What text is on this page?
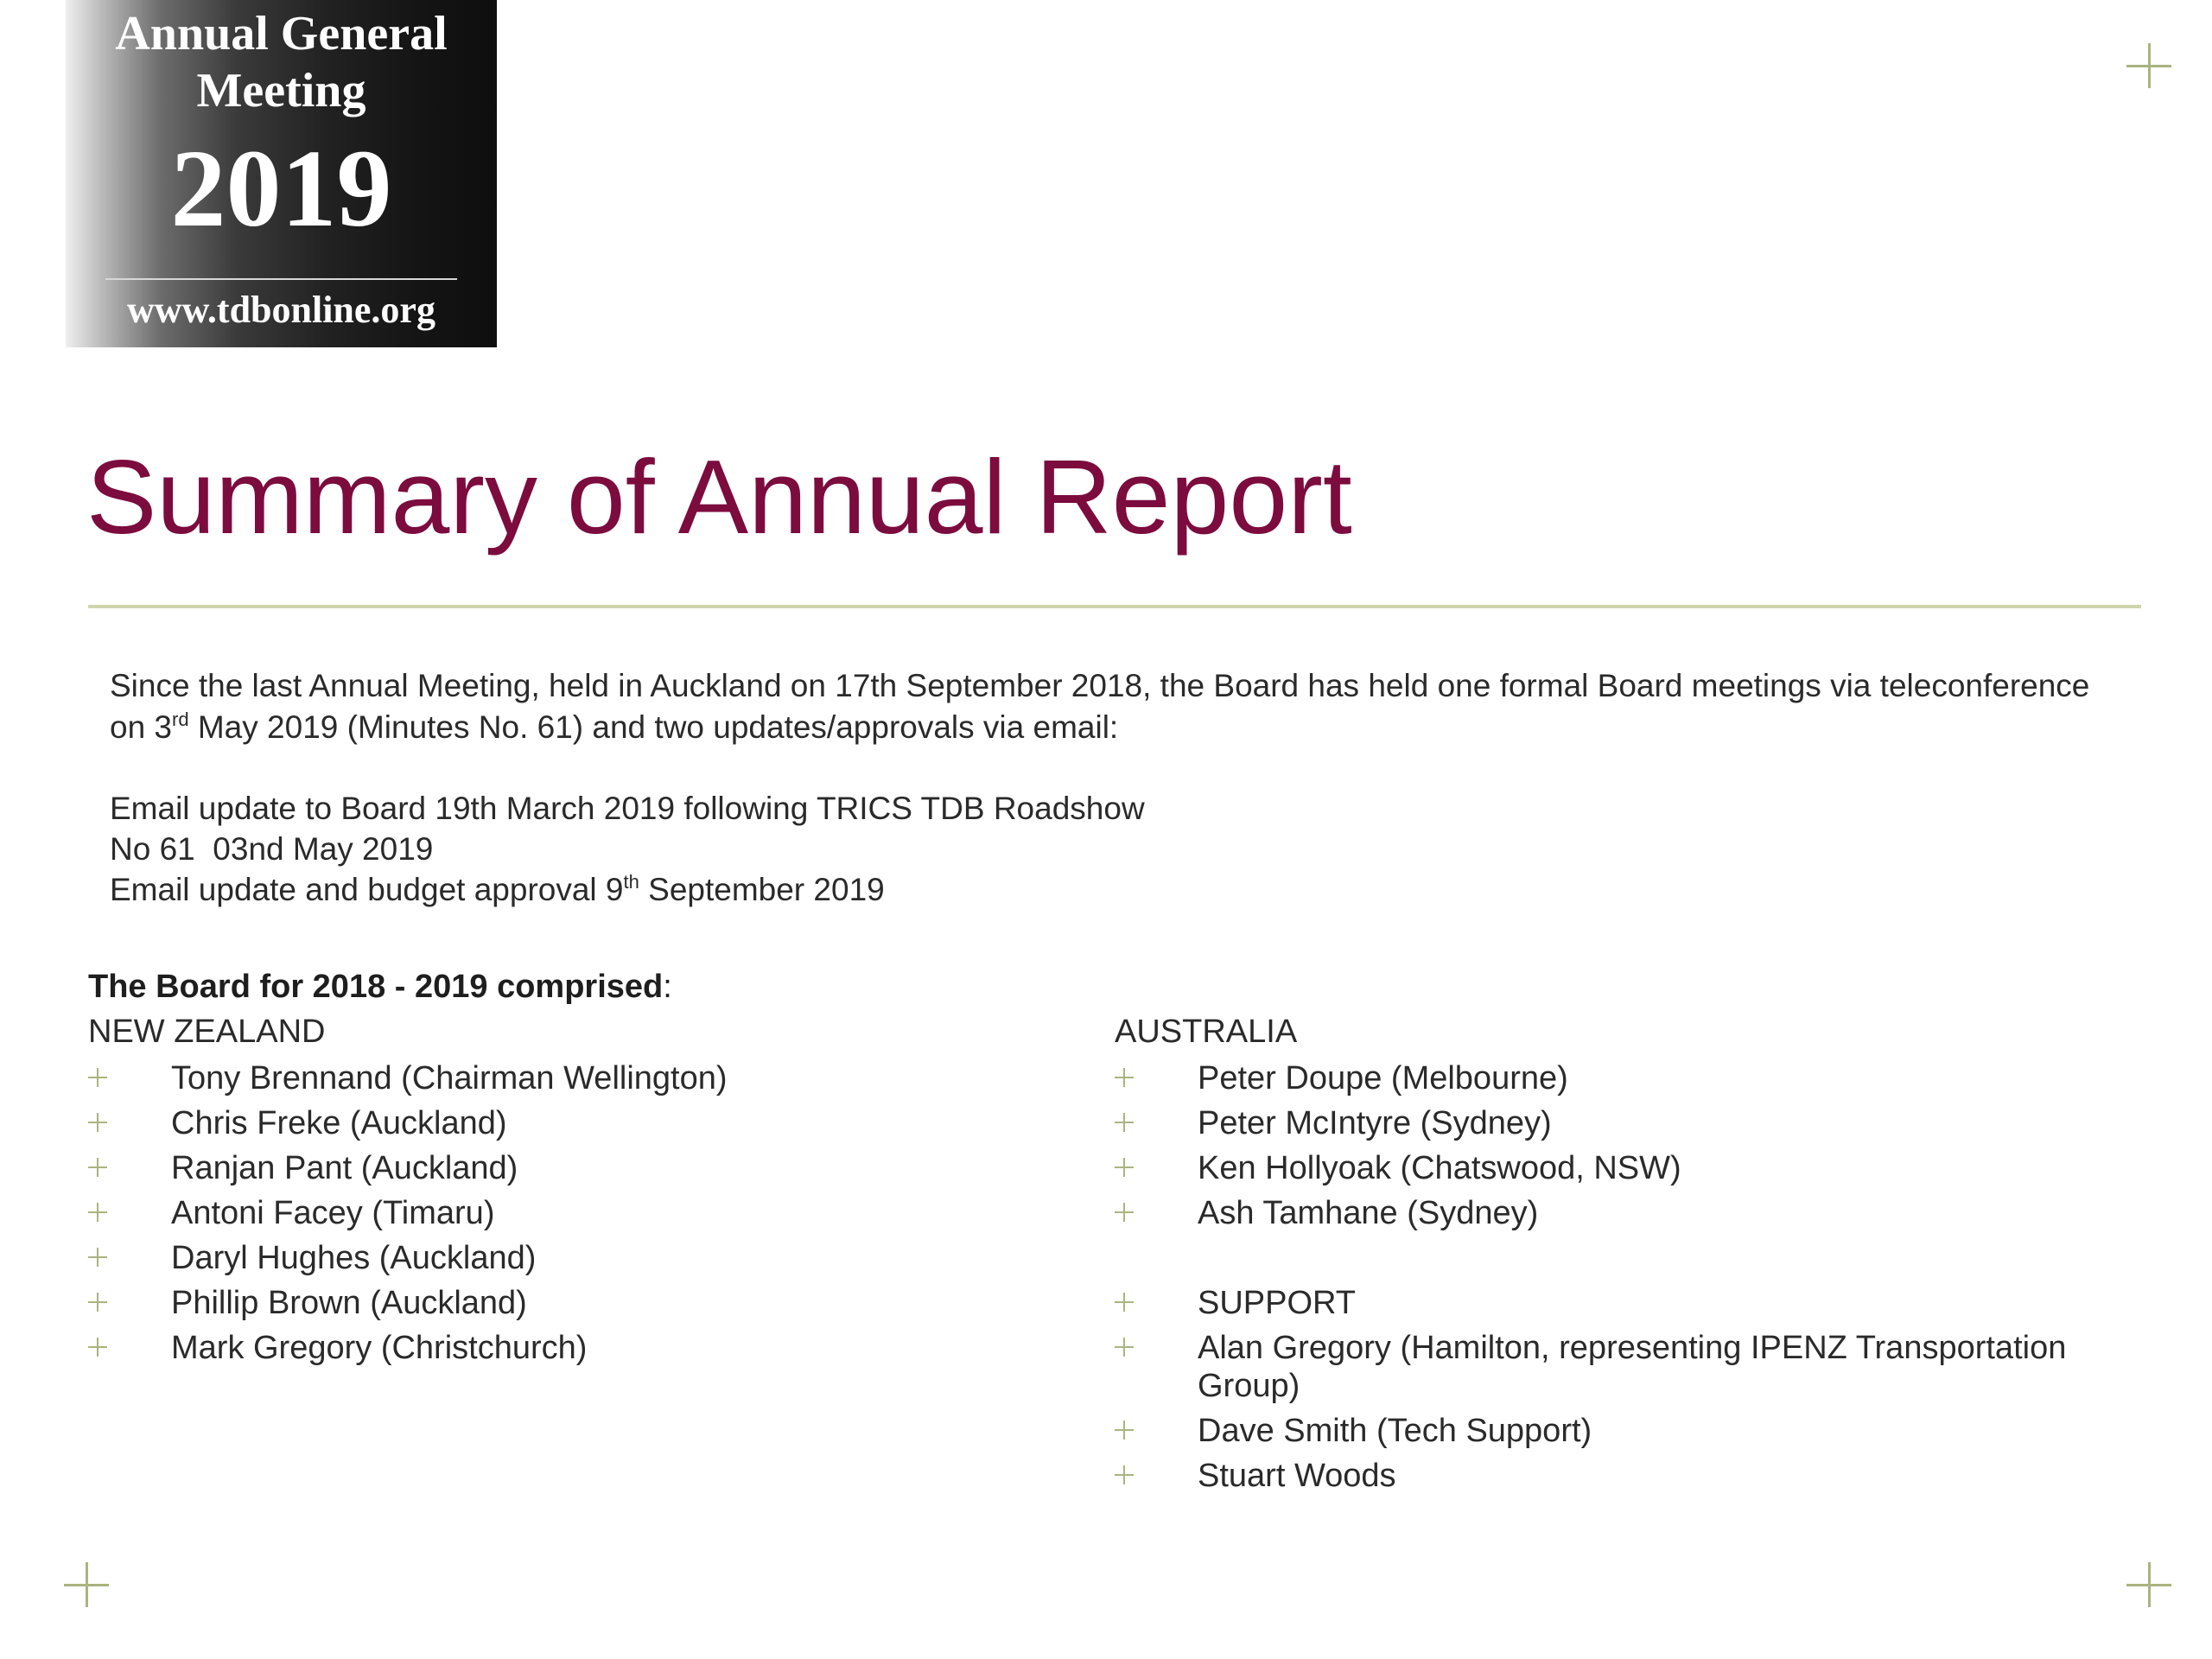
Annual General
Meeting
2019
www.tdbonline.org
Summary of Annual Report

Since the last Annual Meeting, held in Auckland on 17th September 2018, the Board has held one formal Board meetings via teleconference on 3rd May 2019 (Minutes No. 61) and two updates/approvals via email:

Email update to Board 19th March 2019 following TRICS TDB Roadshow
No 61  03nd May 2019
Email update and budget approval 9th September 2019
The Board for 2018 - 2019 comprised:
NEW ZEALAND
Tony Brennand (Chairman Wellington)
Chris Freke (Auckland)
Ranjan Pant (Auckland)
Antoni Facey (Timaru)
Daryl Hughes (Auckland)
Phillip Brown (Auckland)
Mark Gregory (Christchurch)
AUSTRALIA
Peter Doupe (Melbourne)
Peter McIntyre (Sydney)
Ken Hollyoak (Chatswood, NSW)
Ash Tamhane (Sydney)
SUPPORT
Alan Gregory (Hamilton, representing IPENZ Transportation Group)
Dave Smith (Tech Support)
Stuart Woods
